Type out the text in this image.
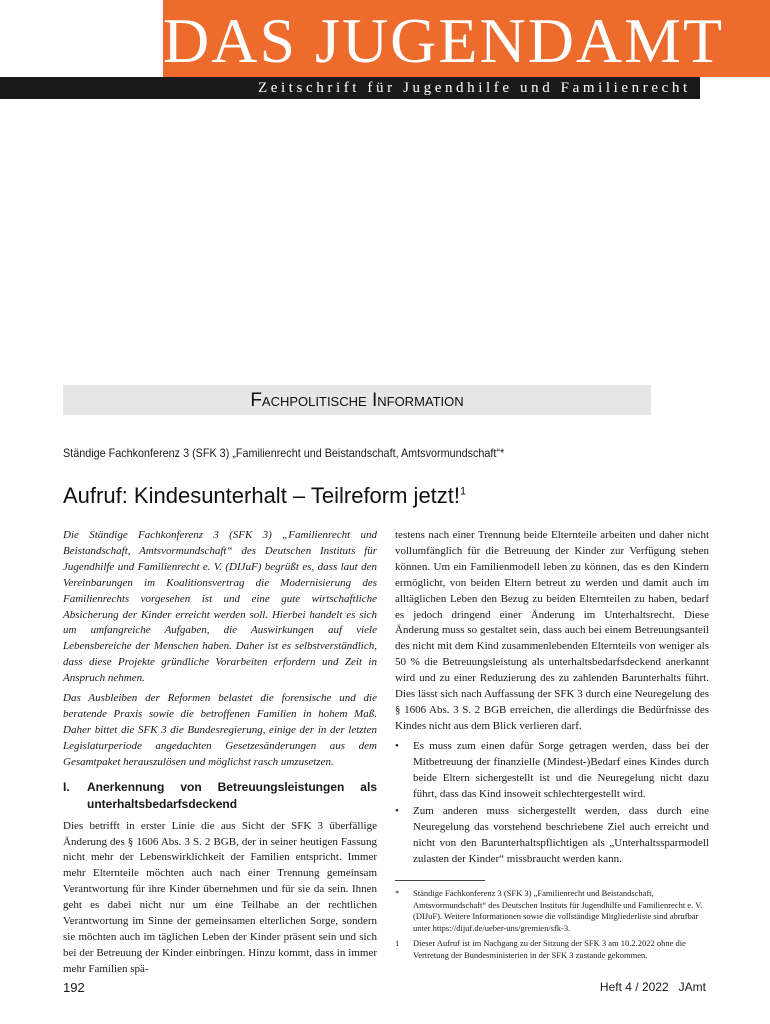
DAS JUGENDAMT

Zeitschrift für Jugendhilfe und Familienrecht

Fachpolitische Information

Ständige Fachkonferenz 3 (SFK 3) „Familienrecht und Beistandschaft, Amtsvormundschaft“*

Aufruf: Kindesunterhalt – Teilreform jetzt!$^1$

Die Ständige Fachkonferenz 3 (SFK 3) „Familienrecht und Beistandschaft, Amtsvormundschaft“ des Deutschen Instituts für Jugendhilfe und Familienrecht e. V. (DIJuF) begrüßt es, dass laut den Vereinbarungen im Koalitionsvertrag die Modernisierung des Familienrechts vorgesehen ist und eine gute wirtschaftliche Absicherung der Kinder erreicht werden soll. Hierbei handelt es sich um umfangreiche Aufgaben, die Auswirkungen auf viele Lebensbereiche der Menschen haben. Daher ist es selbstverständlich, dass diese Projekte gründliche Vorarbeiten erfordern und Zeit in Anspruch nehmen.

Das Ausbleiben der Reformen belastet die forensische und die beratende Praxis sowie die betroffenen Familien in hohem Maß. Daher bittet die SFK 3 die Bundesregierung, einige der in der letzten Legislaturperiode angedachten Gesetzesänderungen aus dem Gesamtpaket herauszulösen und möglichst rasch umzusetzen.

I.	Anerkennung von Betreuungsleistungen als unterhaltsbedarfsdeckend

Dies betrifft in erster Linie die aus Sicht der SFK 3 überfällige Änderung des § 1606 Abs. 3 S. 2 BGB, der in seiner heutigen Fassung nicht mehr der Lebenswirklichkeit der Familien entspricht. Immer mehr Elternteile möchten auch nach einer Trennung gemeinsam Verantwortung für ihre Kinder übernehmen und für sie da sein. Ihnen geht es dabei nicht nur um eine Teilhabe an der rechtlichen Verantwortung im Sinne der gemeinsamen elterlichen Sorge, sondern sie möchten auch im täglichen Leben der Kinder präsent sein und sich bei der Betreuung der Kinder einbringen. Hinzu kommt, dass in immer mehr Familien spä-

testens nach einer Trennung beide Elternteile arbeiten und daher nicht vollumfänglich für die Betreuung der Kinder zur Verfügung stehen können. Um ein Familienmodell leben zu können, das es den Kindern ermöglicht, von beiden Eltern betreut zu werden und damit auch im alltäglichen Leben den Bezug zu beiden Elternteilen zu haben, bedarf es jedoch dringend einer Änderung im Unterhaltsrecht. Diese Änderung muss so gestaltet sein, dass auch bei einem Betreuungsanteil des nicht mit dem Kind zusammenlebenden Elternteils von weniger als 50 % die Betreuungsleistung als unterhaltsbedarfsdeckend anerkannt wird und zu einer Reduzierung des zu zahlenden Barunterhalts führt. Dies lässt sich nach Auffassung der SFK 3 durch eine Neuregelung des § 1606 Abs. 3 S. 2 BGB erreichen, die allerdings die Bedürfnisse des Kindes nicht aus dem Blick verlieren darf.

•	Es muss zum einen dafür Sorge getragen werden, dass bei der Mitbetreuung der finanzielle (Mindest-)Bedarf eines Kindes durch beide Eltern sichergestellt ist und die Neuregelung nicht dazu führt, dass das Kind insoweit schlechtergestellt wird.
•	Zum anderen muss sichergestellt werden, dass durch eine Neuregelung das vorstehend beschriebene Ziel auch erreicht und nicht von den Barunterhaltspflichtigen als „Unterhaltssparmodell zulasten der Kinder“ missbraucht werden kann.
*	Ständige Fachkonferenz 3 (SFK 3) „Familienrecht und Beistandschaft, Amtsvormundschaft“ des Deutschen Instituts für Jugendhilfe und Familienrecht e. V. (DIJuF). Weitere Informationen sowie die vollständige Mitgliederliste sind abrufbar unter https://dijuf.de/ueber-uns/gremien/sfk-3.
1	Dieser Aufruf ist im Nachgang zu der Sitzung der SFK 3 am 10.2.2022 ohne die Vertretung der Bundesministerien in der SFK 3 zustande gekommen.

192	Heft 4 / 2022 JAmt
